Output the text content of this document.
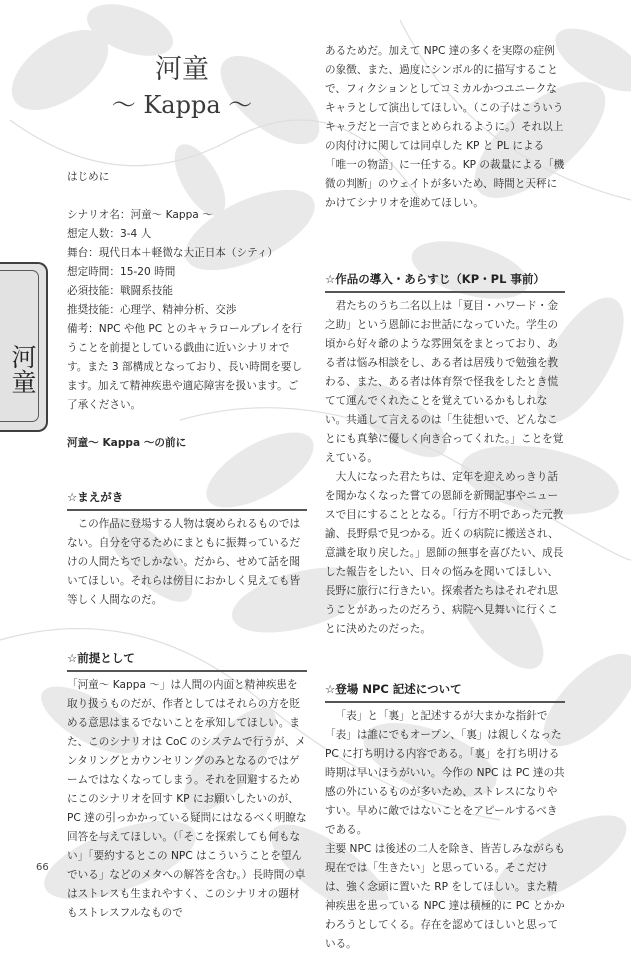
河童
〜 Kappa 〜
河童

はじめに

シナリオ名：河童〜 Kappa 〜

想定人数：3-4 人

舞台：現代日本＋軽微な大正日本（シティ）

想定時間：15-20 時間

必須技能：戦闘系技能

推奨技能：心理学、精神分析、交渉

備考：NPC や他 PC とのキャラロールプレイを行うことを前提としている戯曲に近いシナリオです。また 3 部構成となっており、長い時間を要します。加えて精神疾患や適応障害を扱います。ご了承ください。

河童〜 Kappa 〜の前に

☆まえがき

この作品に登場する人物は褒められるものではない。自分を守るためにまともに振舞っているだけの人間たちでしかない。だから、せめて話を聞いてほしい。それらは傍目におかしく見えても皆等しく人間なのだ。

☆前提として

「河童〜 Kappa 〜」は人間の内面と精神疾患を取り扱うものだが、作者としてはそれらの方を貶める意思はまるでないことを承知してほしい。また、このシナリオは CoC のシステムで行うが、メンタリングとカウンセリングのみとなるのではゲームではなくなってしまう。それを回避するためにこのシナリオを回す KP にお願いしたいのが、PC 達の引っかかっている疑問にはなるべく明瞭な回答を与えてほしい。（「そこを探索しても何もない」「要約するとこの NPC はこういうことを望んでいる」などのメタへの解答を含む。）長時間の卓はストレスも生まれやすく、このシナリオの題材もストレスフルなもので

あるためだ。加えて NPC 達の多くを実際の症例の象徴、また、過度にシンボル的に描写することで、フィクションとしてコミカルかつユニークなキャラとして演出してほしい。（この子はこういうキャラだと一言でまとめられるように。）それ以上の肉付けに関しては同卓した KP と PL による「唯一の物語」に一任する。KP の裁量による「機微の判断」のウェイトが多いため、時間と天秤にかけてシナリオを進めてほしい。

☆作品の導入・あらすじ（KP・PL 事前）

君たちのうち二名以上は「夏目・ハワード・金之助」という恩師にお世話になっていた。学生の頃から好々爺のような雰囲気をまとっており、ある者は悩み相談をし、ある者は居残りで勉強を教わる、また、ある者は体育祭で怪我をしたとき慌てて運んでくれたことを覚えているかもしれない。共通して言えるのは「生徒想いで、どんなことにも真摯に優しく向き合ってくれた。」ことを覚えている。

大人になった君たちは、定年を迎えめっきり話を聞かなくなった嘗ての恩師を新聞記事やニュースで目にすることとなる。「行方不明であった元教諭、長野県で見つかる。近くの病院に搬送され、意識を取り戻した。」恩師の無事を喜びたい、成長した報告をしたい、日々の悩みを聞いてほしい、長野に旅行に行きたい。探索者たちはそれぞれ思うことがあったのだろう、病院へ見舞いに行くことに決めたのだった。

☆登場 NPC 記述について

「表」と「裏」と記述するが大まかな指針で「表」は誰にでもオープン、「裏」は親しくなった PC に打ち明ける内容である。「裏」を打ち明ける時期は早いほうがいい。今作の NPC は PC 達の共感の外にいるものが多いため、ストレスになりやすい。早めに敵ではないことをアピールするべきである。

主要 NPC は後述の二人を除き、皆苦しみながらも現在では「生きたい」と思っている。そこだけは、強く念頭に置いた RP をしてほしい。また精神疾患を患っている NPC 達は積極的に PC とかかわろうとしてくる。存在を認めてほしいと思っている。

66
